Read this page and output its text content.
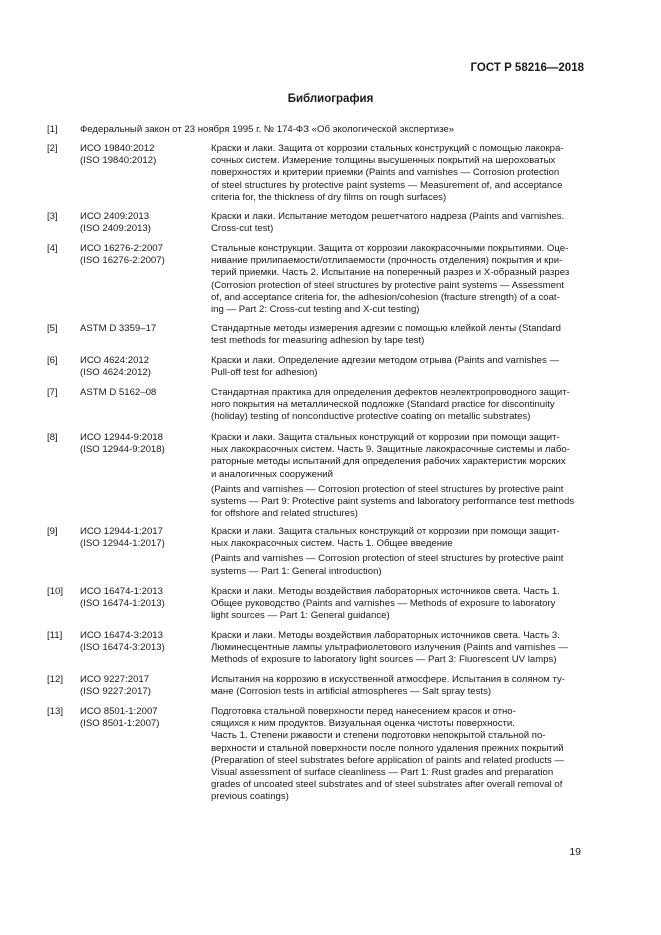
ГОСТ Р 58216—2018
Библиография
[1] Федеральный закон от 23 ноября 1995 г. № 174-ФЗ «Об экологической экспертизе»
[2] ИСО 19840:2012
(ISO 19840:2012)
Краски и лаки. Защита от коррозии стальных конструкций с помощью лакокра-
сочных систем. Измерение толщины высушенных покрытий на шероховатых
поверхностях и критерии приемки (Paints and varnishes — Corrosion protection
of steel structures by protective paint systems — Measurement of, and acceptance
criteria for, the thickness of dry films on rough surfaces)
[3] ИСО 2409:2013
(ISO 2409:2013)
Краски и лаки. Испытание методом решетчатого надреза (Paints and varnishes.
Cross-cut test)
[4] ИСО 16276-2:2007
(ISO 16276-2:2007)
Стальные конструкции. Защита от коррозии лакокрасочными покрытиями. Оце-
нивание прилипаемости/отлипаемости (прочность отделения) покрытия и кри-
терий приемки. Часть 2. Испытание на поперечный разрез и Х-образный разрез
(Corrosion protection of steel structures by protective paint systems — Assessment
of, and acceptance criteria for, the adhesion/cohesion (fracture strength) of a coat-
ing — Part 2: Cross-cut testing and X-cut testing)
[5] ASTM D 3359–17	Стандартные методы измерения адгезии с помощью клейкой ленты (Standard
test methods for measuring adhesion by tape test)
[6] ИСО 4624:2012
(ISO 4624:2012)
Краски и лаки. Определение адгезии методом отрыва (Paints and varnishes —
Pull-off test for adhesion)
[7] ASTM D 5162–08	Стандартная практика для определения дефектов неэлектропроводного защит-
ного покрытия на металлической подложке (Standard practice for discontinuity
(holiday) testing of nonconductive protective coating on metallic substrates)
[8] ИСО 12944-9:2018
(ISO 12944-9:2018)
Краски и лаки. Защита стальных конструкций от коррозии при помощи защит-
ных лакокрасочных систем. Часть 9. Защитные лакокрасочные системы и лабо-
раторные методы испытаний для определения рабочих характеристик морских
и аналогичных сооружений
(Paints and varnishes — Corrosion protection of steel structures by protective paint
systems — Part 9: Protective paint systems and laboratory performance test methods
for offshore and related structures)
[9] ИСО 12944-1:2017
(ISO 12944-1:2017)
Краски и лаки. Защита стальных конструкций от коррозии при помощи защит-
ных лакокрасочных систем. Часть 1. Общее введение
(Paints and varnishes — Corrosion protection of steel structures by protective paint
systems — Part 1: General introduction)
[10] ИСО 16474-1:2013
(ISO 16474-1:2013)
Краски и лаки. Методы воздействия лабораторных источников света. Часть 1.
Общее руководство (Paints and varnishes — Methods of exposure to laboratory
light sources — Part 1: General guidance)
[11] ИСО 16474-3:2013
(ISO 16474-3:2013)
Краски и лаки. Методы воздействия лабораторных источников света. Часть 3.
Люминесцентные лампы ультрафиолетового излучения (Paints and varnishes —
Methods of exposure to laboratory light sources — Part 3: Fluorescent UV lamps)
[12] ИСО 9227:2017
(ISO 9227:2017)
Испытания на коррозию в искусственной атмосфере. Испытания в соляном ту-
мане (Corrosion tests in artificial atmospheres — Salt spray tests)
[13] ИСО 8501-1:2007
(ISO 8501-1:2007)
Подготовка стальной поверхности перед нанесением красок и отно-
сящихся к ним продуктов. Визуальная оценка чистоты поверхности.
Часть 1. Степени ржавости и степени подготовки непокрытой стальной по-
верхности и стальной поверхности после полного удаления прежних покрытий
(Preparation of steel substrates before application of paints and related products —
Visual assessment of surface cleanliness — Part 1: Rust grades and preparation
grades of uncoated steel substrates and of steel substrates after overall removal of
previous coatings)
19
